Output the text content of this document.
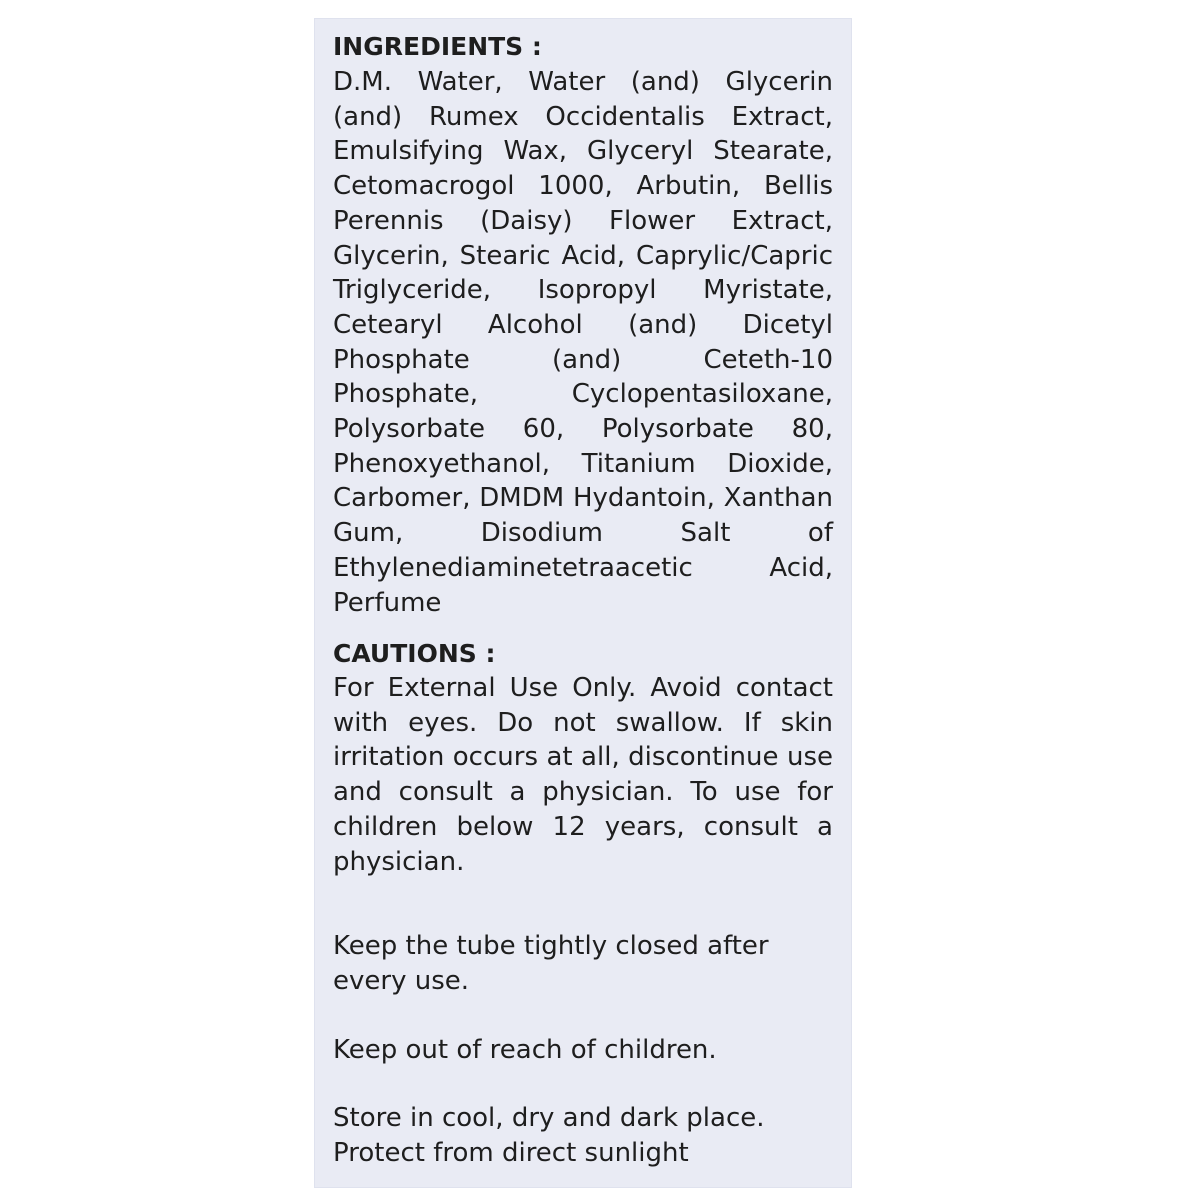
INGREDIENTS :

D.M. Water, Water (and) Glycerin (and) Rumex Occidentalis Extract, Emulsifying Wax, Glyceryl Stearate, Cetomacrogol 1000, Arbutin, Bellis Perennis (Daisy) Flower Extract, Glycerin, Stearic Acid, Caprylic/Capric Triglyceride, Isopropyl Myristate, Cetearyl Alcohol (and) Dicetyl Phosphate (and) Ceteth-10 Phosphate, Cyclopentasiloxane, Polysorbate 60, Polysorbate 80, Phenoxyethanol, Titanium Dioxide, Carbomer, DMDM Hydantoin, Xanthan Gum, Disodium Salt of Ethylenediaminetetraacetic Acid, Perfume

CAUTIONS :

For External Use Only. Avoid contact with eyes. Do not swallow. If skin irritation occurs at all, discontinue use and consult a physician. To use for children below 12 years, consult a physician.

Keep the tube tightly closed after every use.

Keep out of reach of children.

Store in cool, dry and dark place. Protect from direct sunlight
